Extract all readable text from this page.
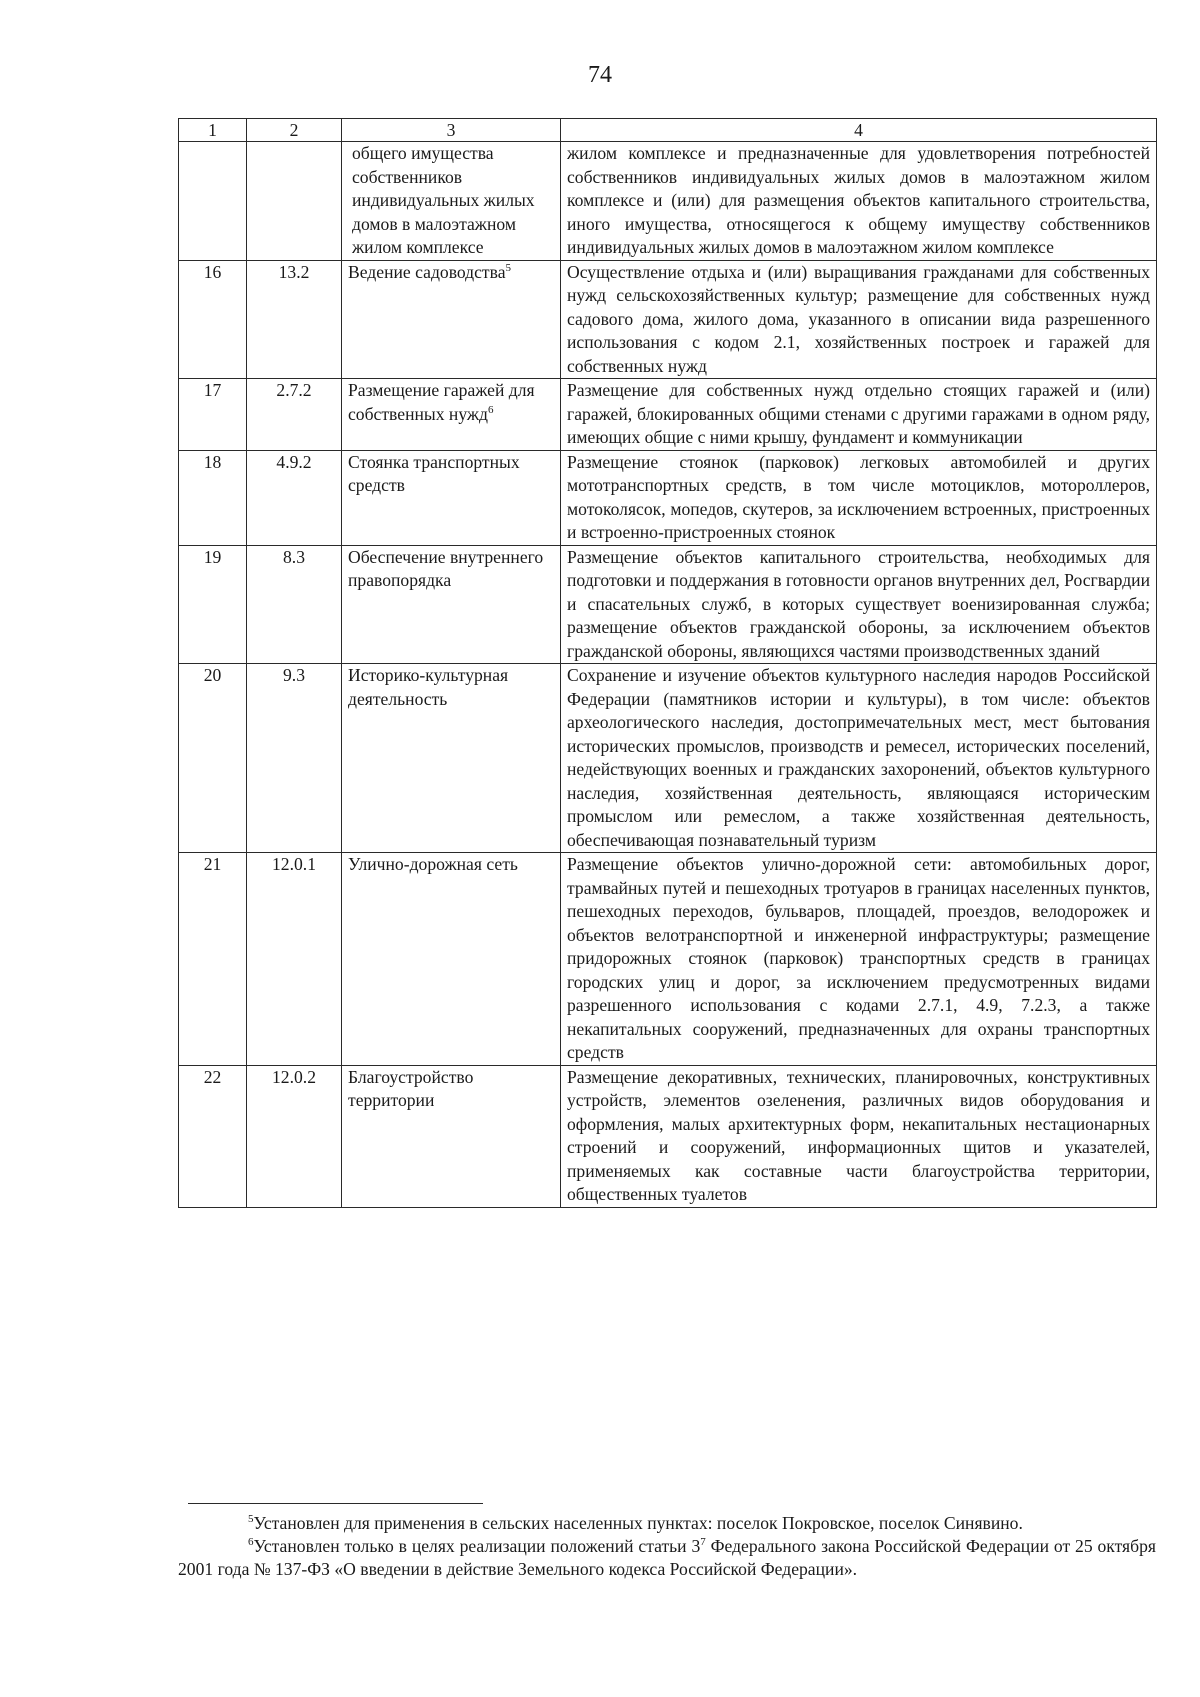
74
1	2	3	4
		общего имущества собственников индивидуальных жилых домов в малоэтажном жилом комплексе	жилом комплексе и предназначенные для удовлетворения потребностей собственников индивидуальных жилых домов в малоэтажном жилом комплексе и (или) для размещения объектов капитального строительства, иного имущества, относящегося к общему имуществу собственников индивидуальных жилых домов в малоэтажном жилом комплексе
16	13.2	Ведение садоводства$^5$	Осуществление отдыха и (или) выращивания гражданами для собственных нужд сельскохозяйственных культур; размещение для собственных нужд садового дома, жилого дома, указанного в описании вида разрешенного использования с кодом 2.1, хозяйственных построек и гаражей для собственных нужд
17	2.7.2	Размещение гаражей для собственных нужд$^6$	Размещение для собственных нужд отдельно стоящих гаражей и (или) гаражей, блокированных общими стенами с другими гаражами в одном ряду, имеющих общие с ними крышу, фундамент и коммуникации
18	4.9.2	Стоянка транспортных средств	Размещение стоянок (парковок) легковых автомобилей и других мототранспортных средств, в том числе мотоциклов, мотороллеров, мотоколясок, мопедов, скутеров, за исключением встроенных, пристроенных и встроенно-пристроенных стоянок
19	8.3	Обеспечение внутреннего правопорядка	Размещение объектов капитального строительства, необходимых для подготовки и поддержания в готовности органов внутренних дел, Росгвардии и спасательных служб, в которых существует военизированная служба; размещение объектов гражданской обороны, за исключением объектов гражданской обороны, являющихся частями производственных зданий
20	9.3	Историко-культурная деятельность	Сохранение и изучение объектов культурного наследия народов Российской Федерации (памятников истории и культуры), в том числе: объектов археологического наследия, достопримечательных мест, мест бытования исторических промыслов, производств и ремесел, исторических поселений, недействующих военных и гражданских захоронений, объектов культурного наследия, хозяйственная деятельность, являющаяся историческим промыслом или ремеслом, а также хозяйственная деятельность, обеспечивающая познавательный туризм
21	12.0.1	Улично-дорожная сеть	Размещение объектов улично-дорожной сети: автомобильных дорог, трамвайных путей и пешеходных тротуаров в границах населенных пунктов, пешеходных переходов, бульваров, площадей, проездов, велодорожек и объектов велотранспортной и инженерной инфраструктуры; размещение придорожных стоянок (парковок) транспортных средств в границах городских улиц и дорог, за исключением предусмотренных видами разрешенного использования с кодами 2.7.1, 4.9, 7.2.3, а также некапитальных сооружений, предназначенных для охраны транспортных средств
22	12.0.2	Благоустройство территории	Размещение декоративных, технических, планировочных, конструктивных устройств, элементов озеленения, различных видов оборудования и оформления, малых архитектурных форм, некапитальных нестационарных строений и сооружений, информационных щитов и указателей, применяемых как составные части благоустройства территории, общественных туалетов

$^5$Установлен для применения в сельских населенных пунктах: поселок Покровское, поселок Синявино.

$^6$Установлен только в целях реализации положений статьи $3^7$ Федерального закона Российской Федерации от 25 октября 2001 года № 137-ФЗ «О введении в действие Земельного кодекса Российской Федерации».
